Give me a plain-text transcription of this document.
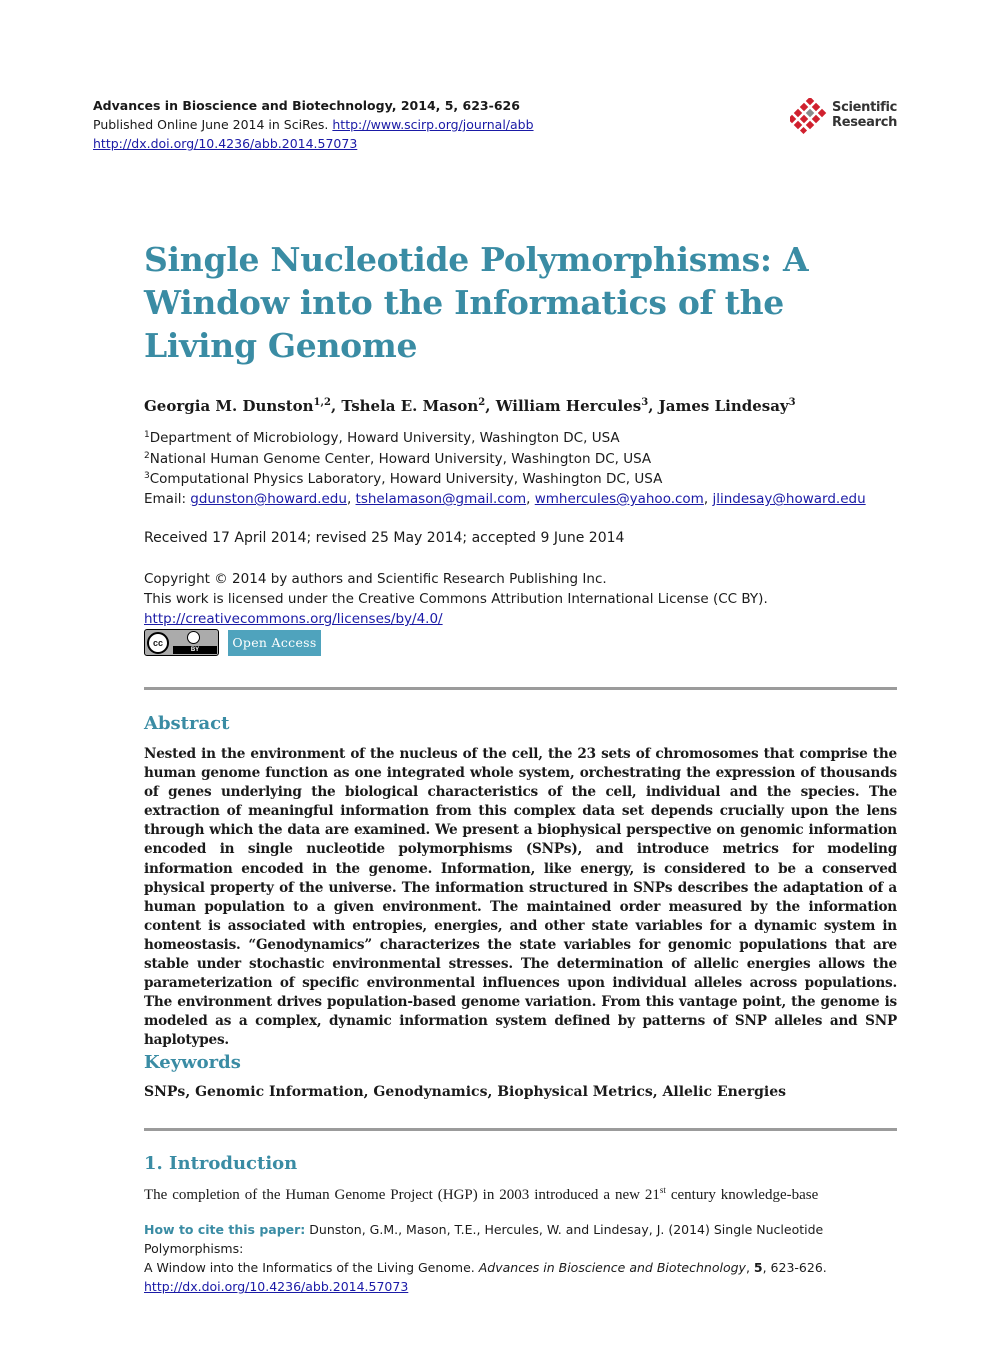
Advances in Bioscience and Biotechnology, 2014, 5, 623-626
Published Online June 2014 in SciRes. http://www.scirp.org/journal/abb
http://dx.doi.org/10.4236/abb.2014.57073
Scientific
Research
Single Nucleotide Polymorphisms: A Window into the Informatics of the Living Genome
Georgia M. Dunston$^{1,2}$, Tshela E. Mason$^2$, William Hercules$^3$, James Lindesay$^3$
$^1$Department of Microbiology, Howard University, Washington DC, USA
$^2$National Human Genome Center, Howard University, Washington DC, USA
$^3$Computational Physics Laboratory, Howard University, Washington DC, USA
Email: gdunston@howard.edu, tshelamason@gmail.com, wmhercules@yahoo.com, jlindesay@howard.edu
Received 17 April 2014; revised 25 May 2014; accepted 9 June 2014
Copyright © 2014 by authors and Scientific Research Publishing Inc.
This work is licensed under the Creative Commons Attribution International License (CC BY).
http://creativecommons.org/licenses/by/4.0/
cc
BY	Open Access
Abstract
Nested in the environment of the nucleus of the cell, the 23 sets of chromosomes that comprise the human genome function as one integrated whole system, orchestrating the expression of thousands of genes underlying the biological characteristics of the cell, individual and the species. The extraction of meaningful information from this complex data set depends crucially upon the lens through which the data are examined. We present a biophysical perspective on genomic information encoded in single nucleotide polymorphisms (SNPs), and introduce metrics for modeling information encoded in the genome. Information, like energy, is considered to be a conserved physical property of the universe. The information structured in SNPs describes the adaptation of a human population to a given environment. The maintained order measured by the information content is associated with entropies, energies, and other state variables for a dynamic system in homeostasis. “Genodynamics” characterizes the state variables for genomic populations that are stable under stochastic environmental stresses. The determination of allelic energies allows the parameterization of specific environmental influences upon individual alleles across populations. The environment drives population-based genome variation. From this vantage point, the genome is modeled as a complex, dynamic information system defined by patterns of SNP alleles and SNP haplotypes.
Keywords
SNPs, Genomic Information, Genodynamics, Biophysical Metrics, Allelic Energies
1. Introduction
The completion of the Human Genome Project (HGP) in 2003 introduced a new 21st century knowledge-base
How to cite this paper: Dunston, G.M., Mason, T.E., Hercules, W. and Lindesay, J. (2014) Single Nucleotide Polymorphisms:
A Window into the Informatics of the Living Genome. Advances in Bioscience and Biotechnology, 5, 623-626.
http://dx.doi.org/10.4236/abb.2014.57073
